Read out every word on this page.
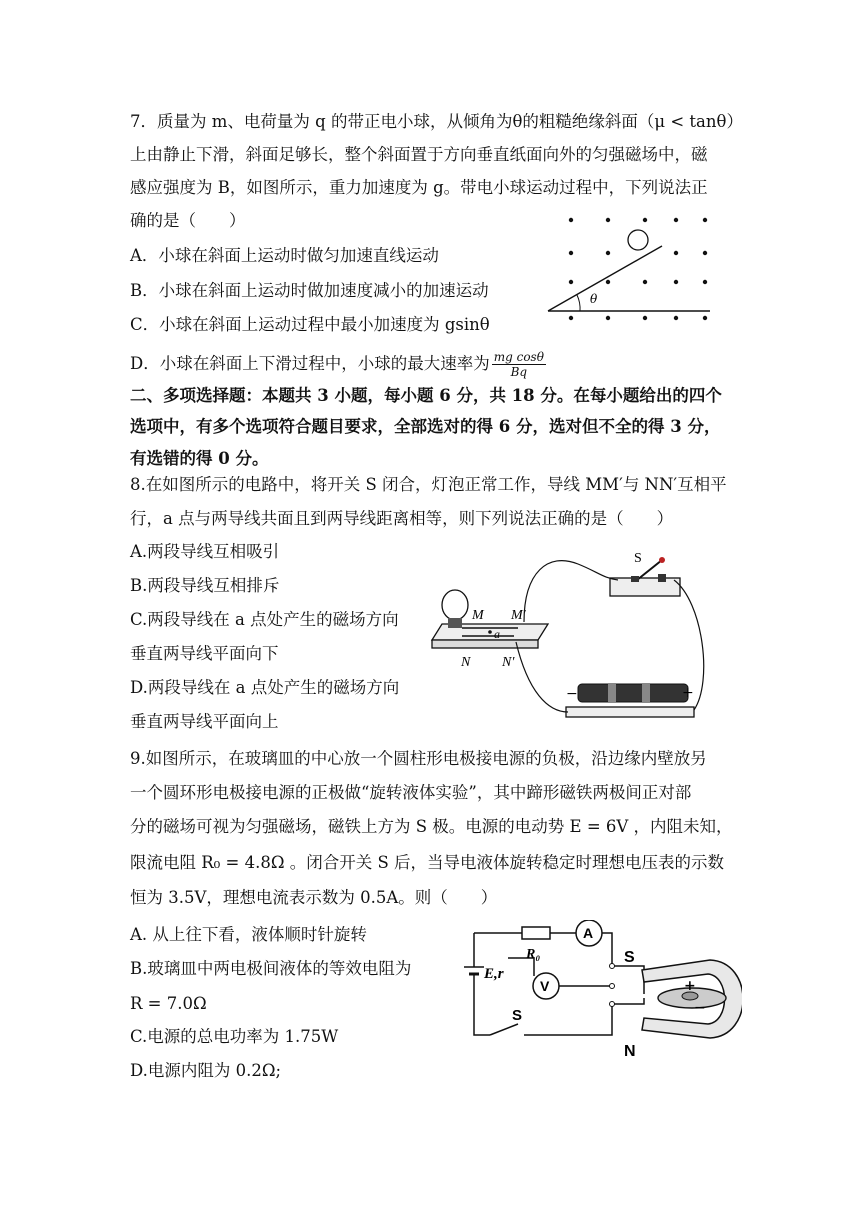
7．质量为 m、电荷量为 q 的带正电小球，从倾角为θ的粗糙绝缘斜面（μ < tanθ）
上由静止下滑，斜面足够长，整个斜面置于方向垂直纸面向外的匀强磁场中，磁
感应强度为 B，如图所示，重力加速度为 g。带电小球运动过程中，下列说法正
确的是（　　）
A．小球在斜面上运动时做匀加速直线运动
B．小球在斜面上运动时做加速度减小的加速运动
C．小球在斜面上运动过程中最小加速度为 gsinθ
D．小球在斜面上下滑过程中，小球的最大速率为 $\frac{\text{mg cosθ}}{Bq}$
θ
二、多项选择题：本题共 3 小题，每小题 6 分，共 18 分。在每小题给出的四个
选项中，有多个选项符合题目要求，全部选对的得 6 分，选对但不全的得 3 分，
有选错的得 0 分。
8.在如图所示的电路中，将开关 S 闭合，灯泡正常工作，导线 MM′与 NN′互相平
行，a 点与两导线共面且到两导线距离相等，则下列说法正确的是（　　）
A.两段导线互相吸引
B.两段导线互相排斥
C.两段导线在 a 点处产生的磁场方向
垂直两导线平面向下
D.两段导线在 a 点处产生的磁场方向
垂直两导线平面向上
S
M M′
N N′
a
−	+
9.如图所示，在玻璃皿的中心放一个圆柱形电极接电源的负极，沿边缘内壁放另
一个圆环形电极接电源的正极做“旋转液体实验”，其中蹄形磁铁两极间正对部
分的磁场可视为匀强磁场，磁铁上方为 S 极。电源的电动势 E = 6V ，内阻未知，
限流电阻 R₀ = 4.8Ω 。闭合开关 S 后，当导电液体旋转稳定时理想电压表的示数
恒为 3.5V，理想电流表示数为 0.5A。则（　　）
A. 从上往下看，液体顺时针旋转
B.玻璃皿中两电极间液体的等效电阻为
R = 7.0Ω
C.电源的总电功率为 1.75W
D.电源内阻为 0.2Ω;
R₀
A
V
E,r
S
+
−
S
N
